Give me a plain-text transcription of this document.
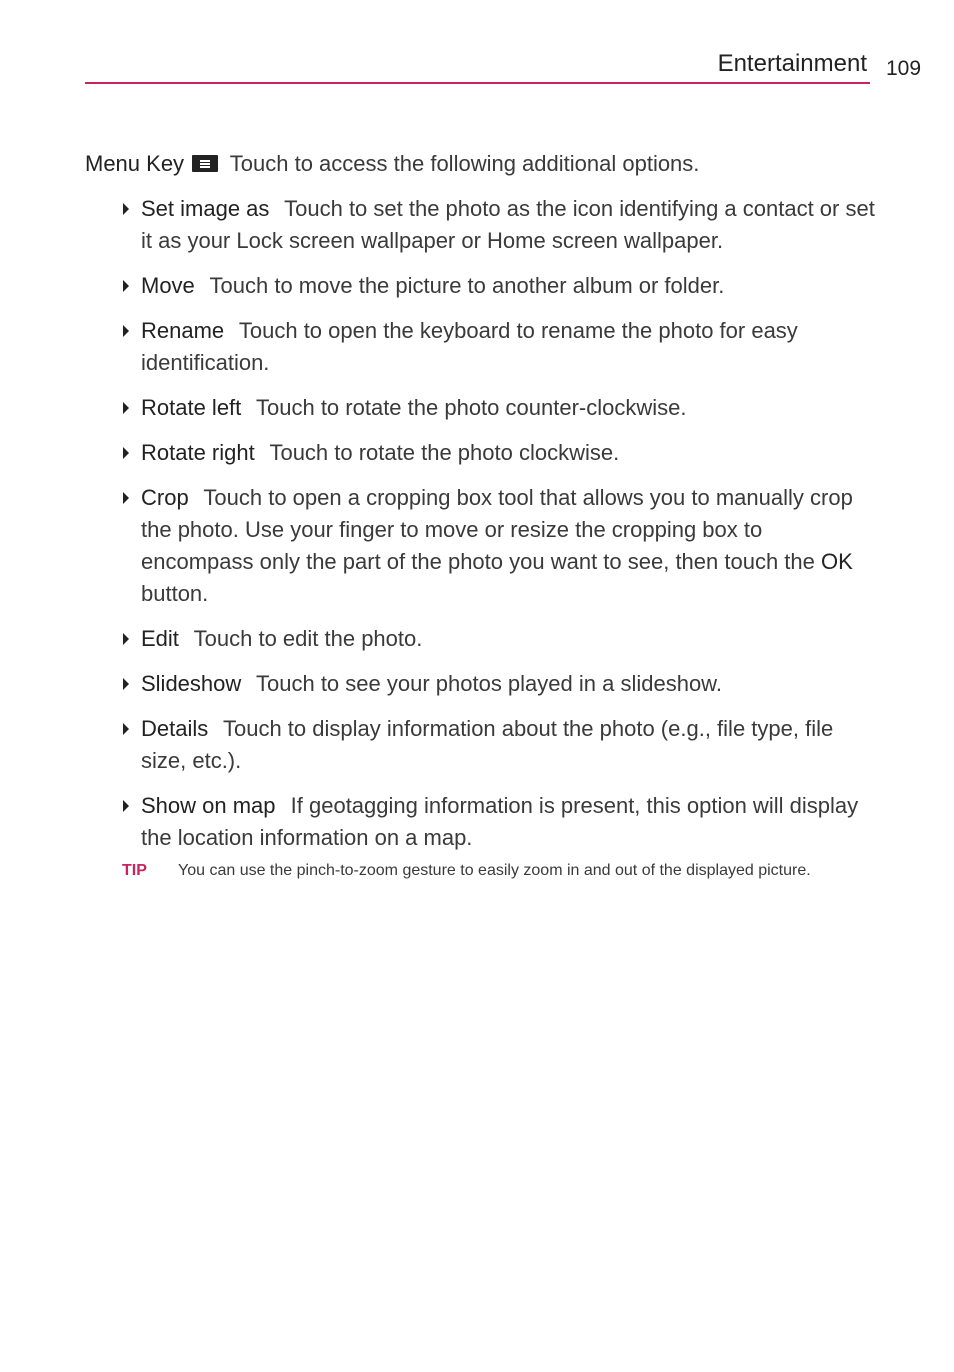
Entertainment 109
Menu Key Touch to access the following additional options.
Set image as Touch to set the photo as the icon identifying a contact or set it as your Lock screen wallpaper or Home screen wallpaper.
Move Touch to move the picture to another album or folder.
Rename Touch to open the keyboard to rename the photo for easy identification.
Rotate left Touch to rotate the photo counter-clockwise.
Rotate right Touch to rotate the photo clockwise.
Crop Touch to open a cropping box tool that allows you to manually crop the photo. Use your finger to move or resize the cropping box to encompass only the part of the photo you want to see, then touch the OK button.
Edit Touch to edit the photo.
Slideshow Touch to see your photos played in a slideshow.
Details Touch to display information about the photo (e.g., file type, file size, etc.).
Show on map If geotagging information is present, this option will display the location information on a map.
TIP You can use the pinch-to-zoom gesture to easily zoom in and out of the displayed picture.
